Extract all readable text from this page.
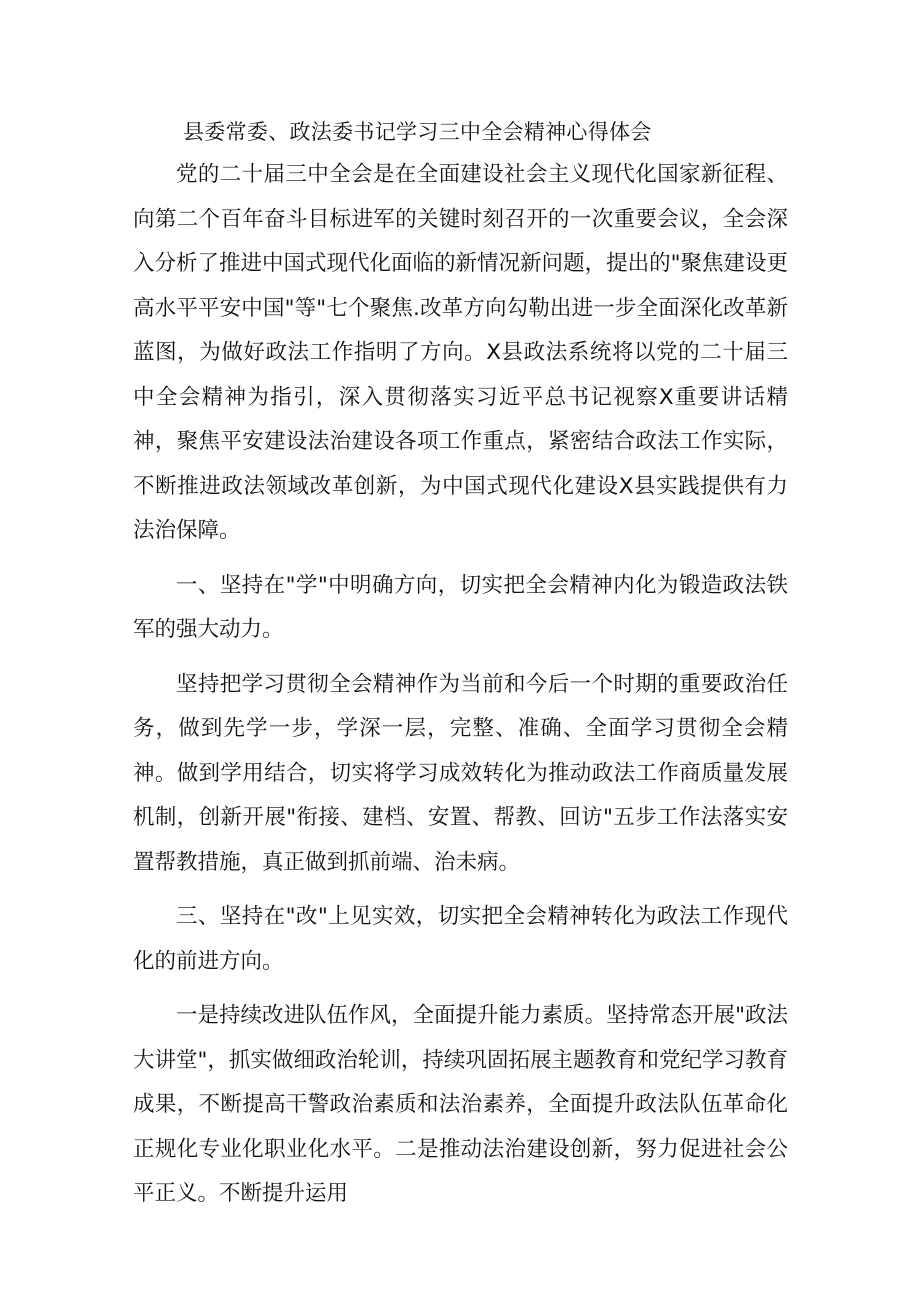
县委常委、政法委书记学习三中全会精神心得体会

党的二十届三中全会是在全面建设社会主义现代化国家新征程、向第二个百年奋斗目标进军的关键时刻召开的一次重要会议，全会深入分析了推进中国式现代化面临的新情况新问题，提出的"聚焦建设更高水平平安中国"等"七个聚焦.改革方向勾勒出进一步全面深化改革新蓝图，为做好政法工作指明了方向。X县政法系统将以党的二十届三中全会精神为指引，深入贯彻落实习近平总书记视察X重要讲话精神，聚焦平安建设法治建设各项工作重点，紧密结合政法工作实际，不断推进政法领域改革创新，为中国式现代化建设X县实践提供有力法治保障。

一、坚持在"学"中明确方向，切实把全会精神内化为锻造政法铁军的强大动力。

坚持把学习贯彻全会精神作为当前和今后一个时期的重要政治任务，做到先学一步，学深一层，完整、准确、全面学习贯彻全会精神。做到学用结合，切实将学习成效转化为推动政法工作商质量发展机制，创新开展"衔接、建档、安置、帮教、回访"五步工作法落实安置帮教措施，真正做到抓前端、治未病。

三、坚持在"改"上见实效，切实把全会精神转化为政法工作现代化的前进方向。

一是持续改进队伍作风，全面提升能力素质。坚持常态开展"政法大讲堂"，抓实做细政治轮训，持续巩固拓展主题教育和党纪学习教育成果，不断提高干警政治素质和法治素养，全面提升政法队伍革命化正规化专业化职业化水平。二是推动法治建设创新，努力促进社会公平正义。不断提升运用
